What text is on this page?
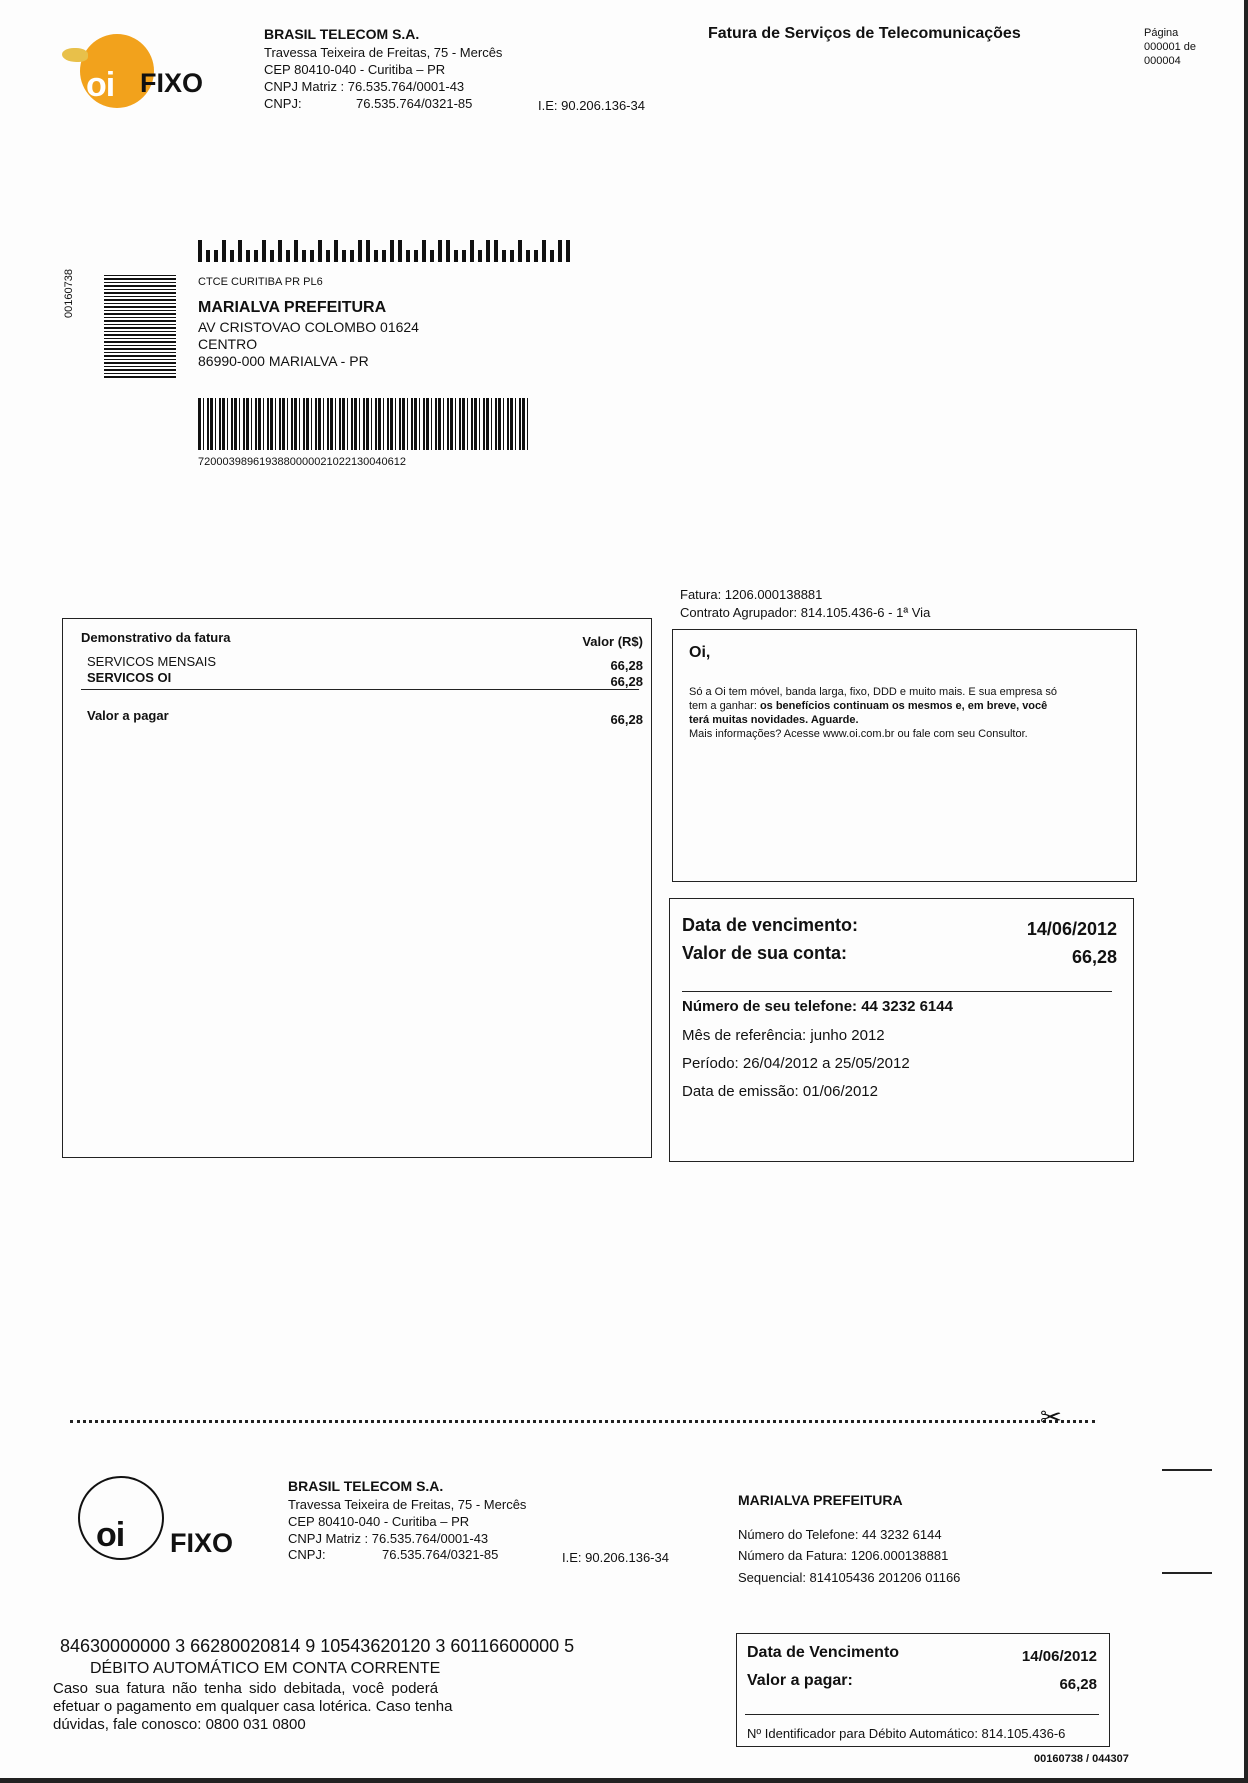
oi FIXO
BRASIL TELECOM S.A.
Travessa Teixeira de Freitas, 75 - Mercês
CEP 80410-040 - Curitiba – PR
CNPJ Matriz : 76.535.764/0001-43
CNPJ:	76.535.764/0321-85	I.E: 90.206.136-34
Fatura de Serviços de Telecomunicações	Página
000001 de
000004
00160738	CTCE CURITIBA PR PL6
MARIALVA PREFEITURA
AV CRISTOVAO COLOMBO 01624
CENTRO
86990-000 MARIALVA - PR
72000398961938800000210221300406​12
Fatura: 1206.000138881
Contrato Agrupador: 814.105.436-6 - 1ª Via
Demonstrativo da fatura	Valor (R$)
SERVICOS MENSAIS	66,28
SERVICOS OI	66,28
Valor a pagar	66,28
Oi,
Só a Oi tem móvel, banda larga, fixo, DDD e muito mais. E sua empresa só
tem a ganhar: os benefícios continuam os mesmos e, em breve, você
terá muitas novidades. Aguarde.
Mais informações? Acesse www.oi.com.br ou fale com seu Consultor.
Data de vencimento:	14/06/2012
Valor de sua conta:	66,28
Número de seu telefone: 44 3232 6144
Mês de referência: junho 2012
Período: 26/04/2012 a 25/05/2012
Data de emissão: 01/06/2012
✂
oi FIXO
BRASIL TELECOM S.A.
Travessa Teixeira de Freitas, 75 - Mercês
CEP 80410-040 - Curitiba – PR
CNPJ Matriz : 76.535.764/0001-43
CNPJ:	76.535.764/0321-85	I.E: 90.206.136-34
MARIALVA PREFEITURA
Número do Telefone: 44 3232 6144
Número da Fatura: 1206.000138881
Sequencial: 814105436 201206 01166
84630000000 3 66280020814 9 10543620120 3 60116600000 5
DÉBITO AUTOMÁTICO EM CONTA CORRENTE
Caso sua fatura não tenha sido debitada, você poderá
efetuar o pagamento em qualquer casa lotérica. Caso tenha
dúvidas, fale conosco: 0800 031 0800
Data de Vencimento	14/06/2012
Valor a pagar:	66,28
Nº Identificador para Débito Automático: 814.105.436-6
00160738 / 044307
